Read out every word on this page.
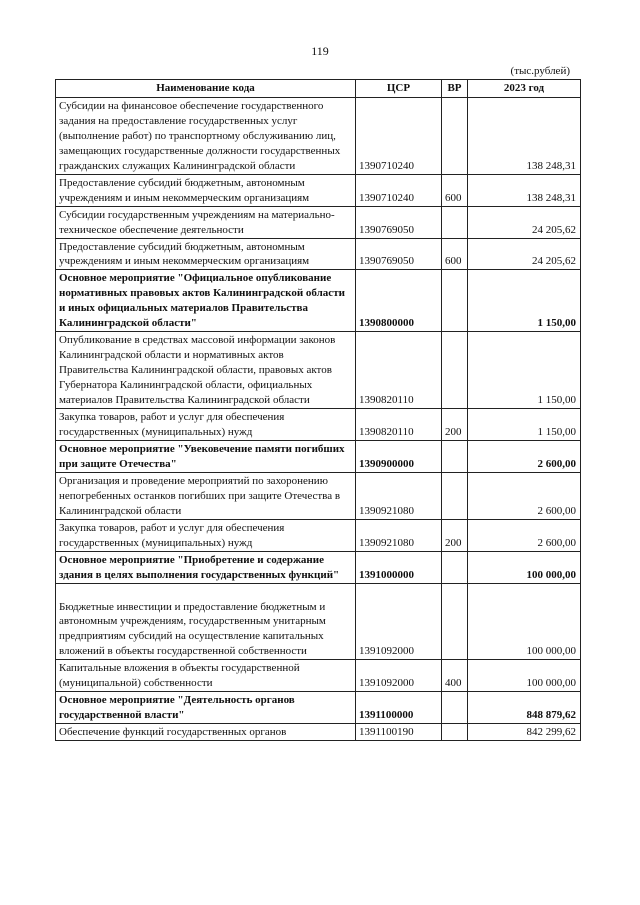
119
(тыс.рублей)
Наименование кода	ЦСР	ВР	2023 год
Субсидии на финансовое обеспечение государственного задания на предоставление государственных услуг (выполнение работ) по транспортному обслуживанию лиц, замещающих государственные должности государственных гражданских служащих Калининградской области	1390710240		138 248,31
Предоставление субсидий бюджетным, автономным учреждениям и иным некоммерческим организациям	1390710240	600	138 248,31
Субсидии государственным учреждениям на материально-техническое обеспечение деятельности	1390769050		24 205,62
Предоставление субсидий бюджетным, автономным учреждениям и иным некоммерческим организациям	1390769050	600	24 205,62
Основное мероприятие "Официальное опубликование нормативных правовых актов Калининградской области и иных официальных материалов Правительства Калининградской области"	1390800000		1 150,00
Опубликование в средствах массовой информации законов Калининградской области и нормативных актов Правительства Калининградской области, правовых актов Губернатора Калининградской области, официальных материалов Правительства Калининградской области	1390820110		1 150,00
Закупка товаров, работ и услуг для обеспечения государственных (муниципальных) нужд	1390820110	200	1 150,00
Основное мероприятие "Увековечение памяти погибших при защите Отечества"	1390900000		2 600,00
Организация и проведение мероприятий по захоронению непогребенных останков погибших при защите Отечества в Калининградской области	1390921080		2 600,00
Закупка товаров, работ и услуг для обеспечения государственных (муниципальных) нужд	1390921080	200	2 600,00
Основное мероприятие "Приобретение и содержание здания в целях выполнения государственных функций"	1391000000		100 000,00
Бюджетные инвестиции и предоставление бюджетным и автономным учреждениям, государственным унитарным предприятиям субсидий на осуществление капитальных вложений в объекты государственной собственности	1391092000		100 000,00
Капитальные вложения в объекты государственной (муниципальной) собственности	1391092000	400	100 000,00
Основное мероприятие "Деятельность органов государственной власти"	1391100000		848 879,62
Обеспечение функций государственных органов	1391100190		842 299,62
